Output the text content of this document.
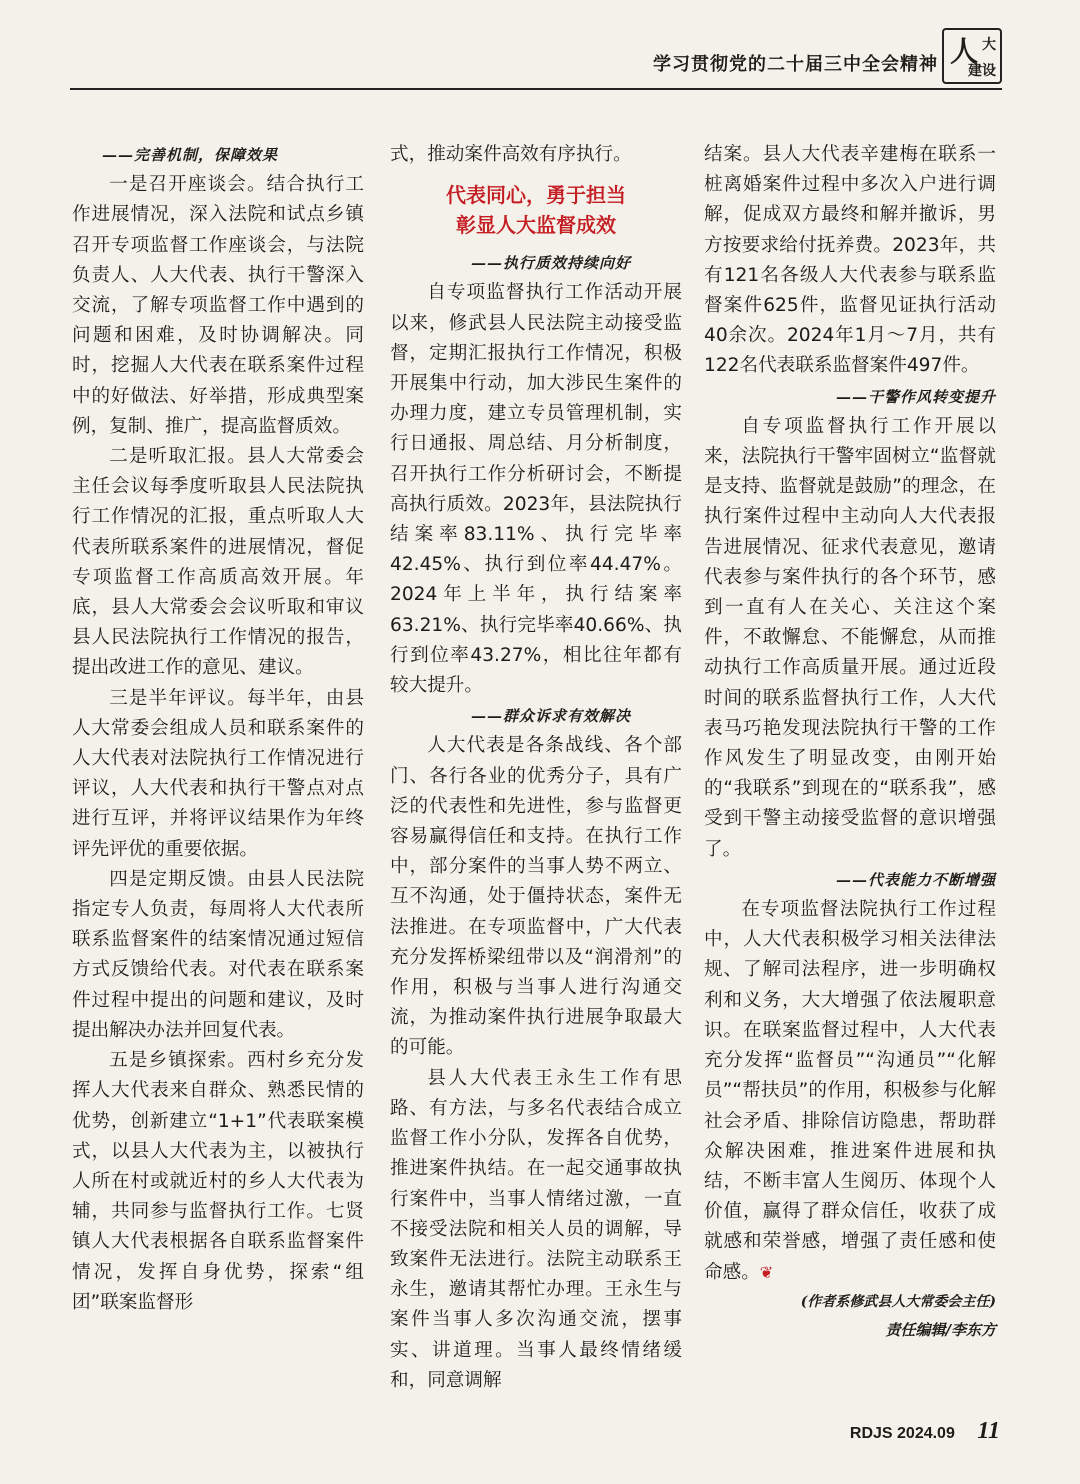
学习贯彻党的二十届三中全会精神 人 大
建设

——完善机制，保障效果

一是召开座谈会。结合执行工作进展情况，深入法院和试点乡镇召开专项监督工作座谈会，与法院负责人、人大代表、执行干警深入交流，了解专项监督工作中遇到的问题和困难，及时协调解决。同时，挖掘人大代表在联系案件过程中的好做法、好举措，形成典型案例，复制、推广，提高监督质效。

二是听取汇报。县人大常委会主任会议每季度听取县人民法院执行工作情况的汇报，重点听取人大代表所联系案件的进展情况，督促专项监督工作高质高效开展。年底，县人大常委会会议听取和审议县人民法院执行工作情况的报告，提出改进工作的意见、建议。

三是半年评议。每半年，由县人大常委会组成人员和联系案件的人大代表对法院执行工作情况进行评议，人大代表和执行干警点对点进行互评，并将评议结果作为年终评先评优的重要依据。

四是定期反馈。由县人民法院指定专人负责，每周将人大代表所联系监督案件的结案情况通过短信方式反馈给代表。对代表在联系案件过程中提出的问题和建议，及时提出解决办法并回复代表。

五是乡镇探索。西村乡充分发挥人大代表来自群众、熟悉民情的优势，创新建立“1+1”代表联案模式，以县人大代表为主，以被执行人所在村或就近村的乡人大代表为辅，共同参与监督执行工作。七贤镇人大代表根据各自联系监督案件情况，发挥自身优势，探索“组团”联案监督形

式，推动案件高效有序执行。

代表同心，勇于担当
彰显人大监督成效

——执行质效持续向好

自专项监督执行工作活动开展以来，修武县人民法院主动接受监督，定期汇报执行工作情况，积极开展集中行动，加大涉民生案件的办理力度，建立专员管理机制，实行日通报、周总结、月分析制度，召开执行工作分析研讨会，不断提高执行质效。2023年，县法院执行结案率83.11%、执行完毕率42.45%、执行到位率44.47%。2024年上半年，执行结案率63.21%、执行完毕率40.66%、执行到位率43.27%，相比往年都有较大提升。

——群众诉求有效解决

人大代表是各条战线、各个部门、各行各业的优秀分子，具有广泛的代表性和先进性，参与监督更容易赢得信任和支持。在执行工作中，部分案件的当事人势不两立、互不沟通，处于僵持状态，案件无法推进。在专项监督中，广大代表充分发挥桥梁纽带以及“润滑剂”的作用，积极与当事人进行沟通交流，为推动案件执行进展争取最大的可能。

县人大代表王永生工作有思路、有方法，与多名代表结合成立监督工作小分队，发挥各自优势，推进案件执结。在一起交通事故执行案件中，当事人情绪过激，一直不接受法院和相关人员的调解，导致案件无法进行。法院主动联系王永生，邀请其帮忙办理。王永生与案件当事人多次沟通交流，摆事实、讲道理。当事人最终情绪缓和，同意调解

结案。县人大代表辛建梅在联系一桩离婚案件过程中多次入户进行调解，促成双方最终和解并撤诉，男方按要求给付抚养费。2023年，共有121名各级人大代表参与联系监督案件625件，监督见证执行活动40余次。2024年1月～7月，共有122名代表联系监督案件497件。

——干警作风转变提升

自专项监督执行工作开展以来，法院执行干警牢固树立“监督就是支持、监督就是鼓励”的理念，在执行案件过程中主动向人大代表报告进展情况、征求代表意见，邀请代表参与案件执行的各个环节，感到一直有人在关心、关注这个案件，不敢懈怠、不能懈怠，从而推动执行工作高质量开展。通过近段时间的联系监督执行工作，人大代表马巧艳发现法院执行干警的工作作风发生了明显改变，由刚开始的“我联系”到现在的“联系我”，感受到干警主动接受监督的意识增强了。

——代表能力不断增强

在专项监督法院执行工作过程中，人大代表积极学习相关法律法规、了解司法程序，进一步明确权利和义务，大大增强了依法履职意识。在联案监督过程中，人大代表充分发挥“监督员”“沟通员”“化解员”“帮扶员”的作用，积极参与化解社会矛盾、排除信访隐患，帮助群众解决困难，推进案件进展和执结，不断丰富人生阅历、体现个人价值，赢得了群众信任，收获了成就感和荣誉感，增强了责任感和使命感。❦

(作者系修武县人大常委会主任)

责任编辑/李东方

RDJS 2024.09 11
